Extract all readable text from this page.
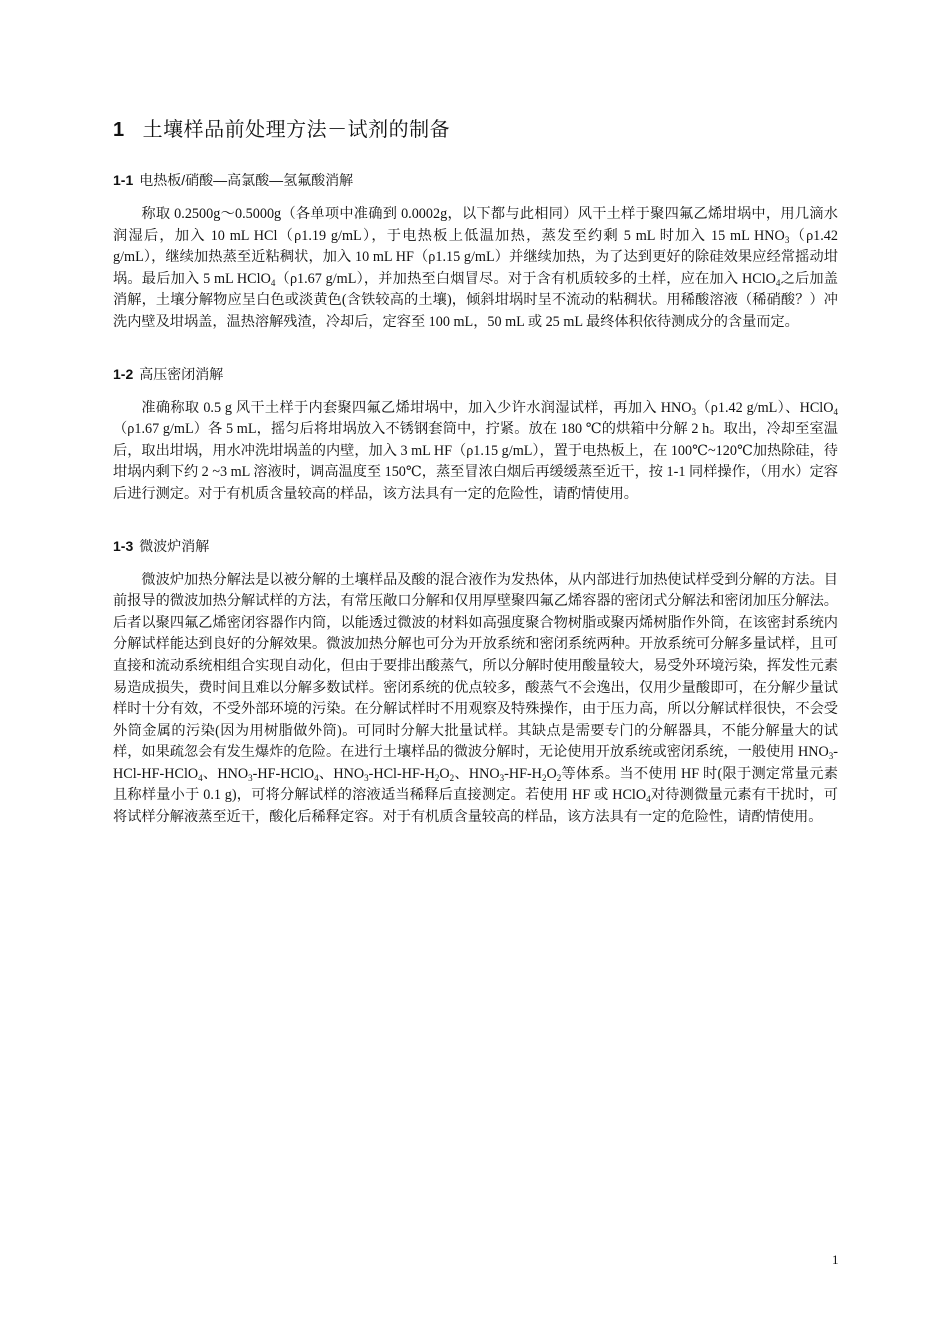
1 土壤样品前处理方法－试剂的制备
1-1 电热板/硝酸—高氯酸—氢氟酸消解

称取 0.2500g～0.5000g（各单项中准确到 0.0002g，以下都与此相同）风干土样于聚四氟乙烯坩埚中，用几滴水润湿后，加入 10 mL HCl（ρ1.19 g/mL），于电热板上低温加热，蒸发至约剩 5 mL 时加入 15 mL $HNO_3(\rho 1.42$ g/mL），继续加热蒸至近粘稠状，加入 10 mL HF（ρ1.15 g/mL）并继续加热，为了达到更好的除硅效果应经常摇动坩埚。最后加入 5 mL HClO$_4$（ρ1.67 g/mL），并加热至白烟冒尽。对于含有机质较多的土样，应在加入 HClO$_4$之后加盖消解，土壤分解物应呈白色或淡黄色(含铁较高的土壤)，倾斜坩埚时呈不流动的粘稠状。用稀酸溶液（稀硝酸？）冲洗内壁及坩埚盖，温热溶解残渣，冷却后，定容至 100 mL，50 mL 或 25 mL 最终体积依待测成分的含量而定。

1-2 高压密闭消解

准确称取 0.5 g 风干土样于内套聚四氟乙烯坩埚中，加入少许水润湿试样，再加入 $HNO_3(\rho 1.42$ g/mL）、HClO$_4$（ρ1.67 g/mL）各 5 mL，摇匀后将坩埚放入不锈钢套筒中，拧紧。放在 180 ℃的烘箱中分解 2 h。取出，冷却至室温后，取出坩埚，用水冲洗坩埚盖的内壁，加入 3 mL HF（ρ1.15 g/mL），置于电热板上，在 100℃~120℃加热除硅，待坩埚内剩下约 2 ~3 mL 溶液时，调高温度至 150℃，蒸至冒浓白烟后再缓缓蒸至近干，按 1-1 同样操作，（用水）定容后进行测定。对于有机质含量较高的样品，该方法具有一定的危险性，请酌情使用。

1-3 微波炉消解

微波炉加热分解法是以被分解的土壤样品及酸的混合液作为发热体，从内部进行加热使试样受到分解的方法。目前报导的微波加热分解试样的方法，有常压敞口分解和仅用厚壁聚四氟乙烯容器的密闭式分解法和密闭加压分解法。后者以聚四氟乙烯密闭容器作内筒，以能透过微波的材料如高强度聚合物树脂或聚丙烯树脂作外筒，在该密封系统内分解试样能达到良好的分解效果。微波加热分解也可分为开放系统和密闭系统两种。开放系统可分解多量试样，且可直接和流动系统相组合实现自动化，但由于要排出酸蒸气，所以分解时使用酸量较大，易受外环境污染，挥发性元素易造成损失，费时间且难以分解多数试样。密闭系统的优点较多，酸蒸气不会逸出，仅用少量酸即可，在分解少量试样时十分有效，不受外部环境的污染。在分解试样时不用观察及特殊操作，由于压力高，所以分解试样很快，不会受外筒金属的污染(因为用树脂做外筒)。可同时分解大批量试样。其缺点是需要专门的分解器具，不能分解量大的试样，如果疏忽会有发生爆炸的危险。在进行土壤样品的微波分解时，无论使用开放系统或密闭系统，一般使用 $HNO_3-HCl-HF-HClO_4$、$HNO_3-HF-HClO_4$、$HNO_3-HCl-HF-H_2O_2$、$HNO_3-HF-H_2O_2$等体系。当不使用 HF 时(限于测定常量元素且称样量小于 0.1 g)，可将分解试样的溶液适当稀释后直接测定。若使用 HF 或 HClO$_4$对待测微量元素有干扰时，可将试样分解液蒸至近干，酸化后稀释定容。对于有机质含量较高的样品，该方法具有一定的危险性，请酌情使用。

1
